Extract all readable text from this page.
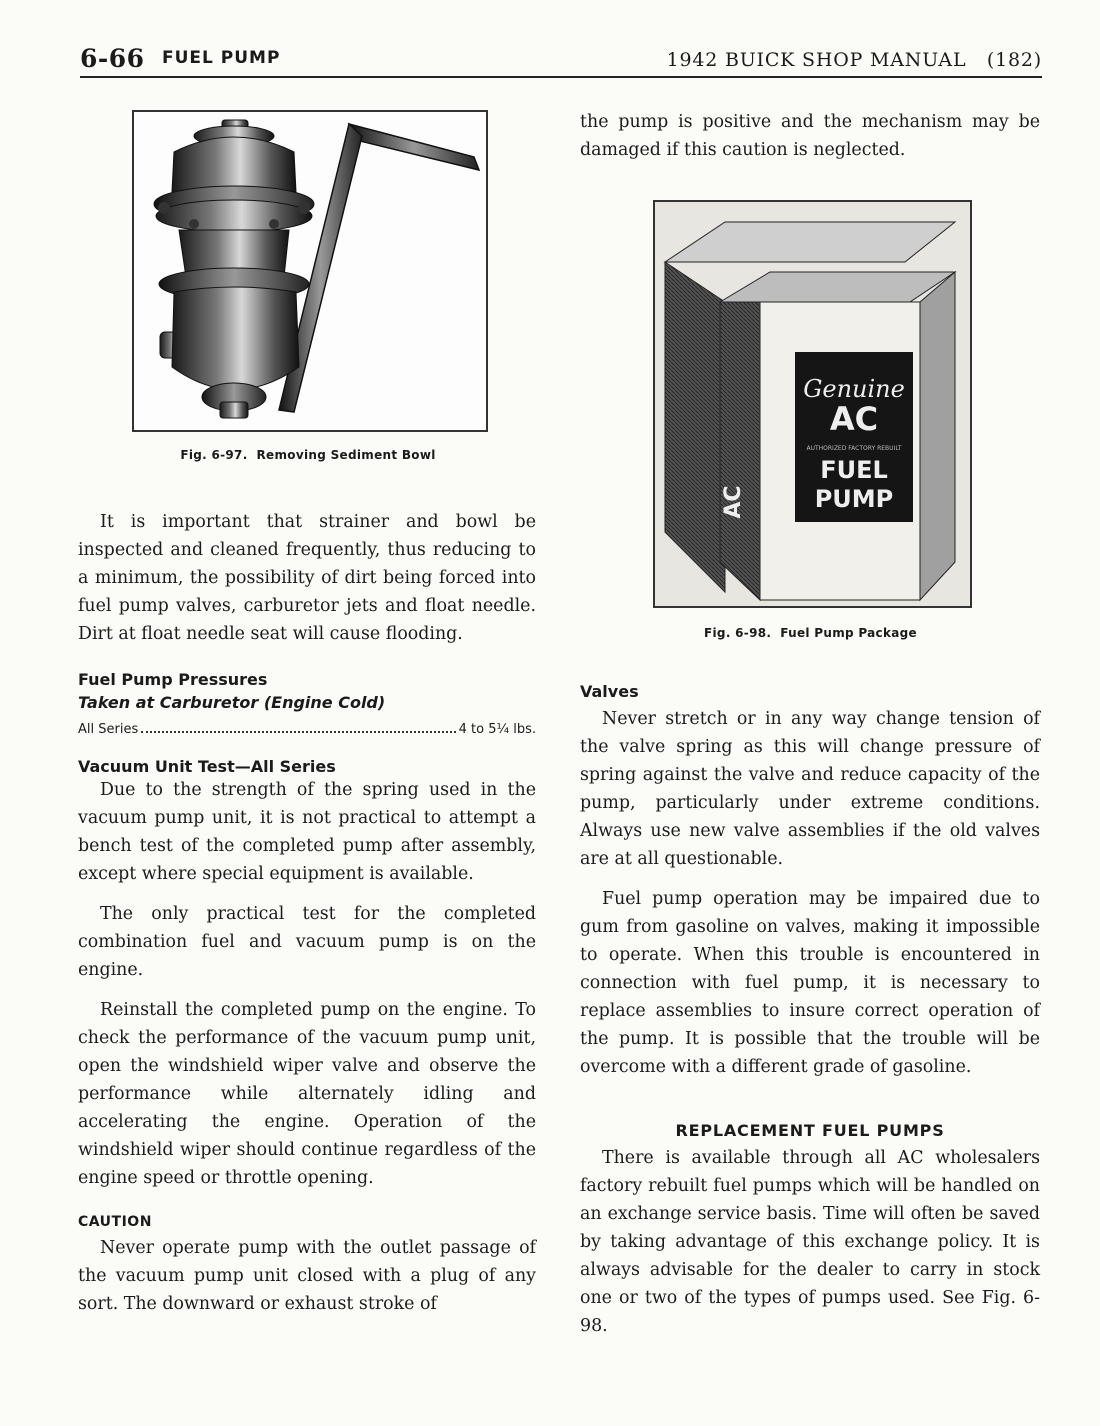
6-66 FUEL PUMP	1942 BUICK SHOP MANUAL (182)
Fig. 6-97.  Removing Sediment Bowl

It is important that strainer and bowl be inspected and cleaned frequently, thus reducing to a minimum, the possibility of dirt being forced into fuel pump valves, carburetor jets and float needle. Dirt at float needle seat will cause flooding.

Fuel Pump Pressures

Taken at Carburetor (Engine Cold)

All Series	4 to 5¼ lbs.

Vacuum Unit Test—All Series

Due to the strength of the spring used in the vacuum pump unit, it is not practical to attempt a bench test of the completed pump after assembly, except where special equipment is available.

The only practical test for the completed combination fuel and vacuum pump is on the engine.

Reinstall the completed pump on the engine. To check the performance of the vacuum pump unit, open the windshield wiper valve and observe the performance while alternately idling and accelerating the engine. Operation of the windshield wiper should continue regardless of the engine speed or throttle opening.

CAUTION

Never operate pump with the outlet passage of the vacuum pump unit closed with a plug of any sort. The downward or exhaust stroke of

the pump is positive and the mechanism may be damaged if this caution is neglected.

Genuine
AC
AUTHORIZED FACTORY REBUILT
FUEL
PUMP
AC
Fig. 6-98.  Fuel Pump Package

Valves

Never stretch or in any way change tension of the valve spring as this will change pressure of spring against the valve and reduce capacity of the pump, particularly under extreme conditions. Always use new valve assemblies if the old valves are at all questionable.

Fuel pump operation may be impaired due to gum from gasoline on valves, making it impossible to operate. When this trouble is encountered in connection with fuel pump, it is necessary to replace assemblies to insure correct operation of the pump. It is possible that the trouble will be overcome with a different grade of gasoline.

REPLACEMENT FUEL PUMPS

There is available through all AC wholesalers factory rebuilt fuel pumps which will be handled on an exchange service basis. Time will often be saved by taking advantage of this exchange policy. It is always advisable for the dealer to carry in stock one or two of the types of pumps used. See Fig. 6-98.
